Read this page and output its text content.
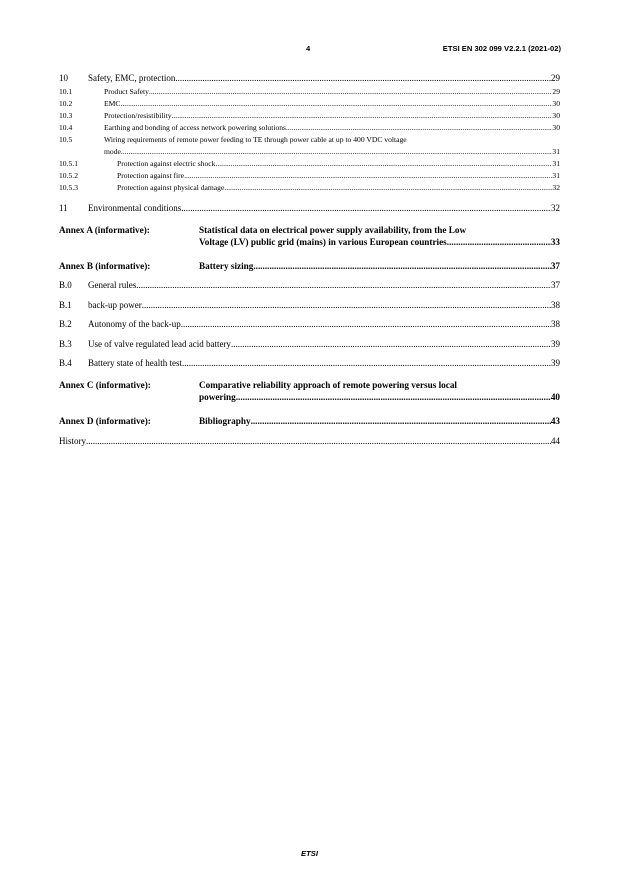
4	ETSI EN 302 099 V2.2.1 (2021-02)
10	Safety, EMC, protection .....	29
10.1	Product Safety .....	29
10.2	EMC .....	30
10.3	Protection/resistibility .....	30
10.4	Earthing and bonding of access network powering solutions .....	30
10.5	Wiring requirements of remote power feeding to TE through power cable at up to 400 VDC voltage
mode .....	31
10.5.1	Protection against electric shock .....	31
10.5.2	Protection against fire .....	31
10.5.3	Protection against physical damage .....	32
11	Environmental conditions .....	32
Annex A (informative):	Statistical data on electrical power supply availability, from the Low
Voltage (LV) public grid (mains) in various European countries .....	33
Annex B (informative):	Battery sizing .....	37
B.0	General rules .....	37
B.1	back-up power .....	38
B.2	Autonomy of the back-up .....	38
B.3	Use of valve regulated lead acid battery .....	39
B.4	Battery state of health test .....	39
Annex C (informative):	Comparative reliability approach of remote powering versus local
powering .....	40
Annex D (informative):	Bibliography .....	43
History .....	44
ETSI
